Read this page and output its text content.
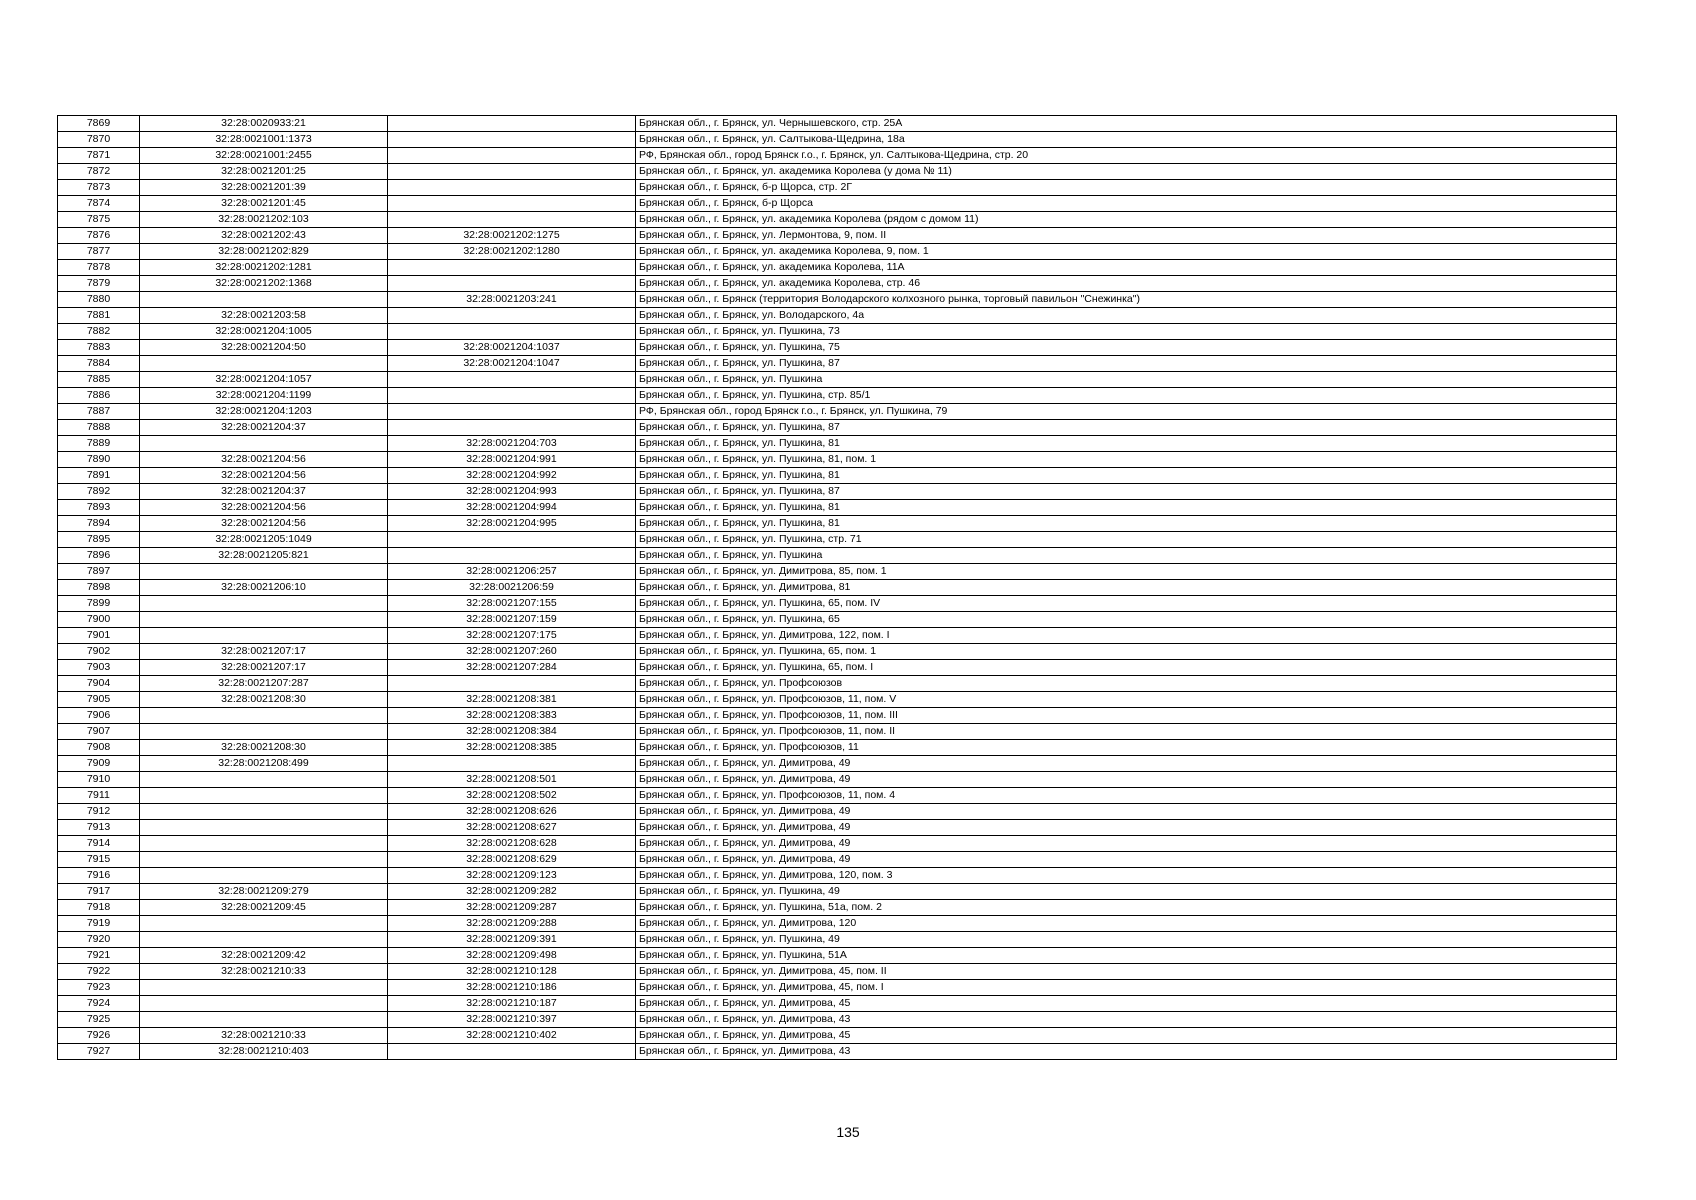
7869	32:28:0020933:21		Брянская обл., г. Брянск, ул. Чернышевского, стр. 25А
7870	32:28:0021001:1373		Брянская обл., г. Брянск, ул. Салтыкова-Щедрина, 18а
7871	32:28:0021001:2455		РФ, Брянская обл., город Брянск г.о., г. Брянск, ул. Салтыкова-Щедрина, стр. 20
7872	32:28:0021201:25		Брянская обл., г. Брянск, ул. академика Королева (у дома № 11)
7873	32:28:0021201:39		Брянская обл., г. Брянск, б-р Щорса, стр. 2Г
7874	32:28:0021201:45		Брянская обл., г. Брянск, б-р Щорса
7875	32:28:0021202:103		Брянская обл., г. Брянск, ул. академика Королева (рядом с домом 11)
7876	32:28:0021202:43	32:28:0021202:1275	Брянская обл., г. Брянск, ул. Лермонтова, 9, пом. II
7877	32:28:0021202:829	32:28:0021202:1280	Брянская обл., г. Брянск, ул. академика Королева, 9, пом. 1
7878	32:28:0021202:1281		Брянская обл., г. Брянск, ул. академика Королева, 11А
7879	32:28:0021202:1368		Брянская обл., г. Брянск, ул. академика Королева, стр. 46
7880		32:28:0021203:241	Брянская обл., г. Брянск (территория Володарского колхозного рынка, торговый павильон "Снежинка")
7881	32:28:0021203:58		Брянская обл., г. Брянск, ул. Володарского, 4а
7882	32:28:0021204:1005		Брянская обл., г. Брянск, ул. Пушкина, 73
7883	32:28:0021204:50	32:28:0021204:1037	Брянская обл., г. Брянск, ул. Пушкина, 75
7884		32:28:0021204:1047	Брянская обл., г. Брянск, ул. Пушкина, 87
7885	32:28:0021204:1057		Брянская обл., г. Брянск, ул. Пушкина
7886	32:28:0021204:1199		Брянская обл., г. Брянск, ул. Пушкина, стр. 85/1
7887	32:28:0021204:1203		РФ, Брянская обл., город Брянск г.о., г. Брянск, ул. Пушкина, 79
7888	32:28:0021204:37		Брянская обл., г. Брянск, ул. Пушкина, 87
7889		32:28:0021204:703	Брянская обл., г. Брянск, ул. Пушкина, 81
7890	32:28:0021204:56	32:28:0021204:991	Брянская обл., г. Брянск, ул. Пушкина, 81, пом. 1
7891	32:28:0021204:56	32:28:0021204:992	Брянская обл., г. Брянск, ул. Пушкина, 81
7892	32:28:0021204:37	32:28:0021204:993	Брянская обл., г. Брянск, ул. Пушкина, 87
7893	32:28:0021204:56	32:28:0021204:994	Брянская обл., г. Брянск, ул. Пушкина, 81
7894	32:28:0021204:56	32:28:0021204:995	Брянская обл., г. Брянск, ул. Пушкина, 81
7895	32:28:0021205:1049		Брянская обл., г. Брянск, ул. Пушкина, стр. 71
7896	32:28:0021205:821		Брянская обл., г. Брянск, ул. Пушкина
7897		32:28:0021206:257	Брянская обл., г. Брянск, ул. Димитрова, 85, пом. 1
7898	32:28:0021206:10	32:28:0021206:59	Брянская обл., г. Брянск, ул. Димитрова, 81
7899		32:28:0021207:155	Брянская обл., г. Брянск, ул. Пушкина, 65, пом. IV
7900		32:28:0021207:159	Брянская обл., г. Брянск, ул. Пушкина, 65
7901		32:28:0021207:175	Брянская обл., г. Брянск, ул. Димитрова, 122, пом. I
7902	32:28:0021207:17	32:28:0021207:260	Брянская обл., г. Брянск, ул. Пушкина, 65, пом. 1
7903	32:28:0021207:17	32:28:0021207:284	Брянская обл., г. Брянск, ул. Пушкина, 65, пом. I
7904	32:28:0021207:287		Брянская обл., г. Брянск, ул. Профсоюзов
7905	32:28:0021208:30	32:28:0021208:381	Брянская обл., г. Брянск, ул. Профсоюзов, 11, пом. V
7906		32:28:0021208:383	Брянская обл., г. Брянск, ул. Профсоюзов, 11, пом. III
7907		32:28:0021208:384	Брянская обл., г. Брянск, ул. Профсоюзов, 11, пом. II
7908	32:28:0021208:30	32:28:0021208:385	Брянская обл., г. Брянск, ул. Профсоюзов, 11
7909	32:28:0021208:499		Брянская обл., г. Брянск, ул. Димитрова, 49
7910		32:28:0021208:501	Брянская обл., г. Брянск, ул. Димитрова, 49
7911		32:28:0021208:502	Брянская обл., г. Брянск, ул. Профсоюзов, 11, пом. 4
7912		32:28:0021208:626	Брянская обл., г. Брянск, ул. Димитрова, 49
7913		32:28:0021208:627	Брянская обл., г. Брянск, ул. Димитрова, 49
7914		32:28:0021208:628	Брянская обл., г. Брянск, ул. Димитрова, 49
7915		32:28:0021208:629	Брянская обл., г. Брянск, ул. Димитрова, 49
7916		32:28:0021209:123	Брянская обл., г. Брянск, ул. Димитрова, 120, пом. 3
7917	32:28:0021209:279	32:28:0021209:282	Брянская обл., г. Брянск, ул. Пушкина, 49
7918	32:28:0021209:45	32:28:0021209:287	Брянская обл., г. Брянск, ул. Пушкина, 51а, пом. 2
7919		32:28:0021209:288	Брянская обл., г. Брянск, ул. Димитрова, 120
7920		32:28:0021209:391	Брянская обл., г. Брянск, ул. Пушкина, 49
7921	32:28:0021209:42	32:28:0021209:498	Брянская обл., г. Брянск, ул. Пушкина, 51А
7922	32:28:0021210:33	32:28:0021210:128	Брянская обл., г. Брянск, ул. Димитрова, 45, пом. II
7923		32:28:0021210:186	Брянская обл., г. Брянск, ул. Димитрова, 45, пом. I
7924		32:28:0021210:187	Брянская обл., г. Брянск, ул. Димитрова, 45
7925		32:28:0021210:397	Брянская обл., г. Брянск, ул. Димитрова, 43
7926	32:28:0021210:33	32:28:0021210:402	Брянская обл., г. Брянск, ул. Димитрова, 45
7927	32:28:0021210:403		Брянская обл., г. Брянск, ул. Димитрова, 43
135
